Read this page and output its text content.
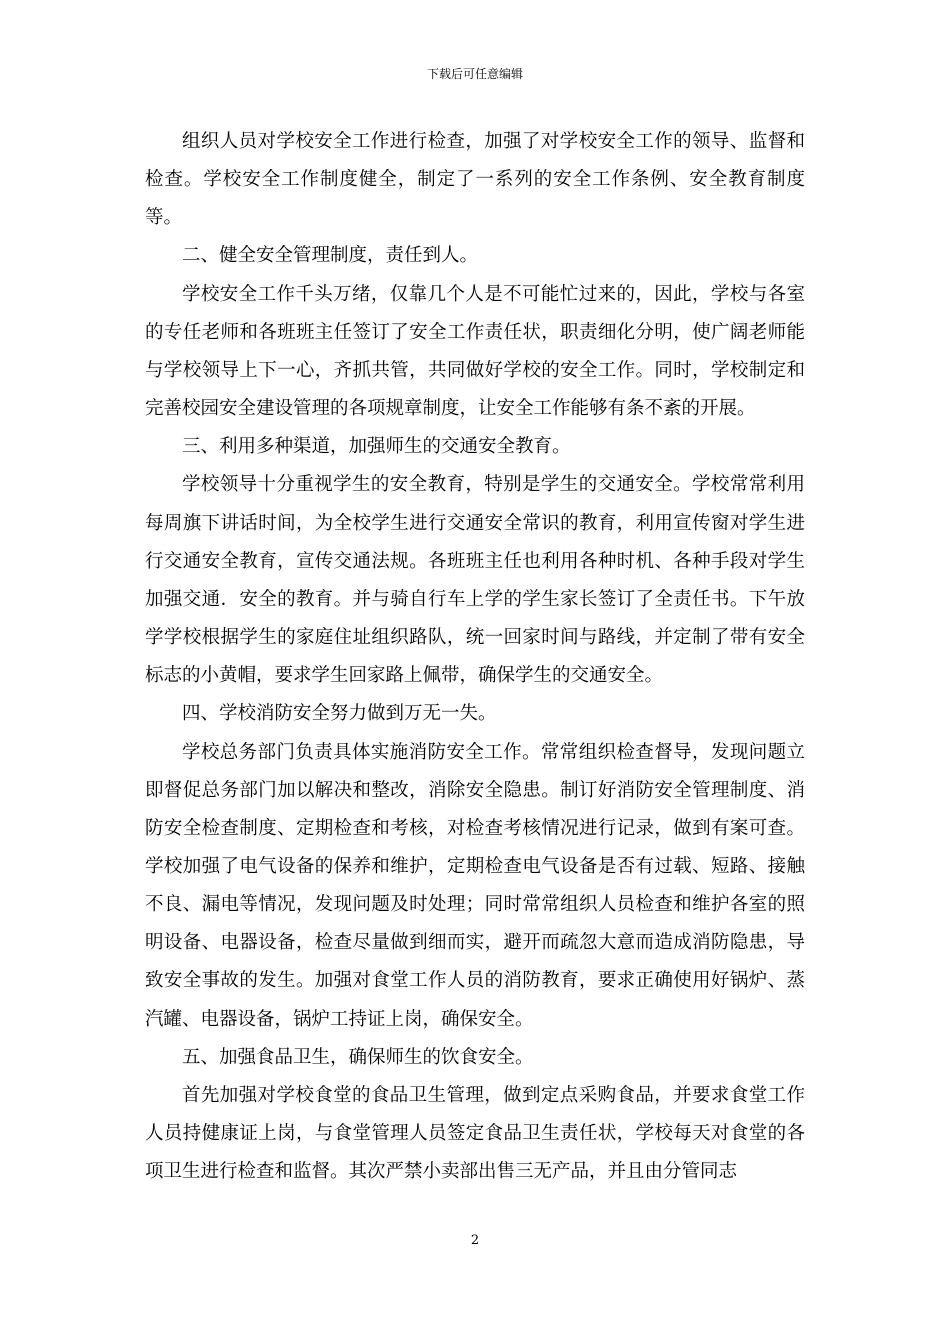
下载后可任意编辑

组织人员对学校安全工作进行检查，加强了对学校安全工作的领导、监督和检查。学校安全工作制度健全，制定了一系列的安全工作条例、安全教育制度等。

二、健全安全管理制度，责任到人。

学校安全工作千头万绪，仅靠几个人是不可能忙过来的，因此，学校与各室的专任老师和各班班主任签订了安全工作责任状，职责细化分明，使广阔老师能与学校领导上下一心，齐抓共管，共同做好学校的安全工作。同时，学校制定和完善校园安全建设管理的各项规章制度，让安全工作能够有条不紊的开展。

三、利用多种渠道，加强师生的交通安全教育。

学校领导十分重视学生的安全教育，特别是学生的交通安全。学校常常利用每周旗下讲话时间，为全校学生进行交通安全常识的教育，利用宣传窗对学生进行交通安全教育，宣传交通法规。各班班主任也利用各种时机、各种手段对学生加强交通．安全的教育。并与骑自行车上学的学生家长签订了全责任书。下午放学学校根据学生的家庭住址组织路队，统一回家时间与路线，并定制了带有安全标志的小黄帽，要求学生回家路上佩带，确保学生的交通安全。

四、学校消防安全努力做到万无一失。

学校总务部门负责具体实施消防安全工作。常常组织检查督导，发现问题立即督促总务部门加以解决和整改，消除安全隐患。制订好消防安全管理制度、消防安全检查制度、定期检查和考核，对检查考核情况进行记录，做到有案可查。学校加强了电气设备的保养和维护，定期检查电气设备是否有过载、短路、接触不良、漏电等情况，发现问题及时处理；同时常常组织人员检查和维护各室的照明设备、电器设备，检查尽量做到细而实，避开而疏忽大意而造成消防隐患，导致安全事故的发生。加强对食堂工作人员的消防教育，要求正确使用好锅炉、蒸汽罐、电器设备，锅炉工持证上岗，确保安全。

五、加强食品卫生，确保师生的饮食安全。

首先加强对学校食堂的食品卫生管理，做到定点采购食品，并要求食堂工作人员持健康证上岗，与食堂管理人员签定食品卫生责任状，学校每天对食堂的各项卫生进行检查和监督。其次严禁小卖部出售三无产品，并且由分管同志

2
